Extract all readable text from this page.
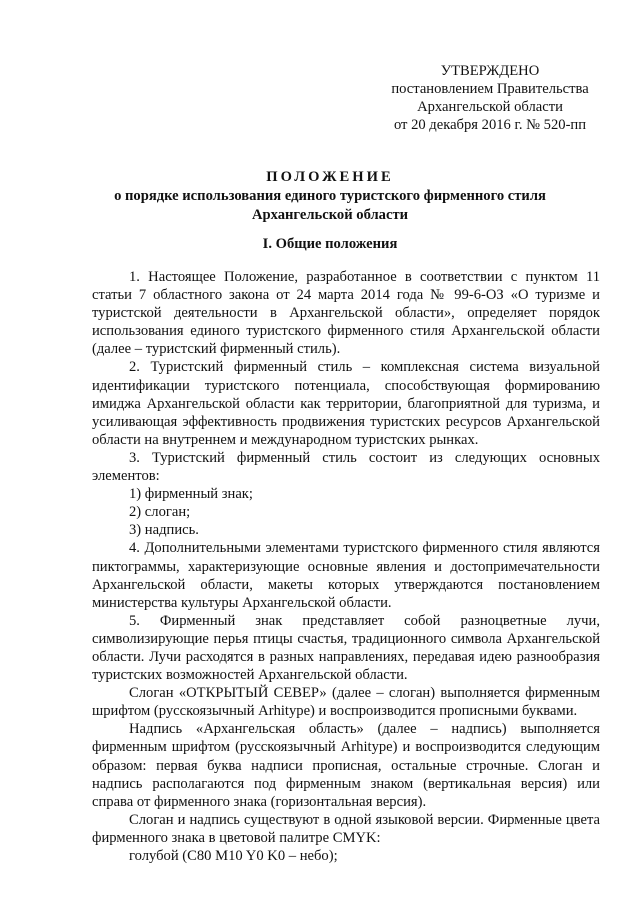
УТВЕРЖДЕНО
постановлением Правительства
Архангельской области
от 20 декабря 2016 г. № 520-пп
ПОЛОЖЕНИЕ
о порядке использования единого туристского фирменного стиля
Архангельской области
I. Общие положения

1. Настоящее Положение, разработанное в соответствии с пунктом 11 статьи 7 областного закона от 24 марта 2014 года № 99-6-ОЗ «О туризме и туристской деятельности в Архангельской области», определяет порядок использования единого туристского фирменного стиля Архангельской области (далее – туристский фирменный стиль).

2. Туристский фирменный стиль – комплексная система визуальной идентификации туристского потенциала, способствующая формированию имиджа Архангельской области как территории, благоприятной для туризма, и усиливающая эффективность продвижения туристских ресурсов Архангельской области на внутреннем и международном туристских рынках.

3. Туристский фирменный стиль состоит из следующих основных элементов:

1) фирменный знак;

2) слоган;

3) надпись.

4. Дополнительными элементами туристского фирменного стиля являются пиктограммы, характеризующие основные явления и достопримечательности Архангельской области, макеты которых утверждаются постановлением министерства культуры Архангельской области.

5. Фирменный знак представляет собой разноцветные лучи, символизирующие перья птицы счастья, традиционного символа Архангельской области. Лучи расходятся в разных направлениях, передавая идею разнообразия туристских возможностей Архангельской области.

Слоган «ОТКРЫТЫЙ СЕВЕР» (далее – слоган) выполняется фирменным шрифтом (русскоязычный Arhitype) и воспроизводится прописными буквами.

Надпись «Архангельская область» (далее – надпись) выполняется фирменным шрифтом (русскоязычный Arhitype) и воспроизводится следующим образом: первая буква надписи прописная, остальные строчные. Слоган и надпись располагаются под фирменным знаком (вертикальная версия) или справа от фирменного знака (горизонтальная версия).

Слоган и надпись существуют в одной языковой версии. Фирменные цвета фирменного знака в цветовой палитре CMYK:

голубой (C80 M10 Y0 K0 – небо);
